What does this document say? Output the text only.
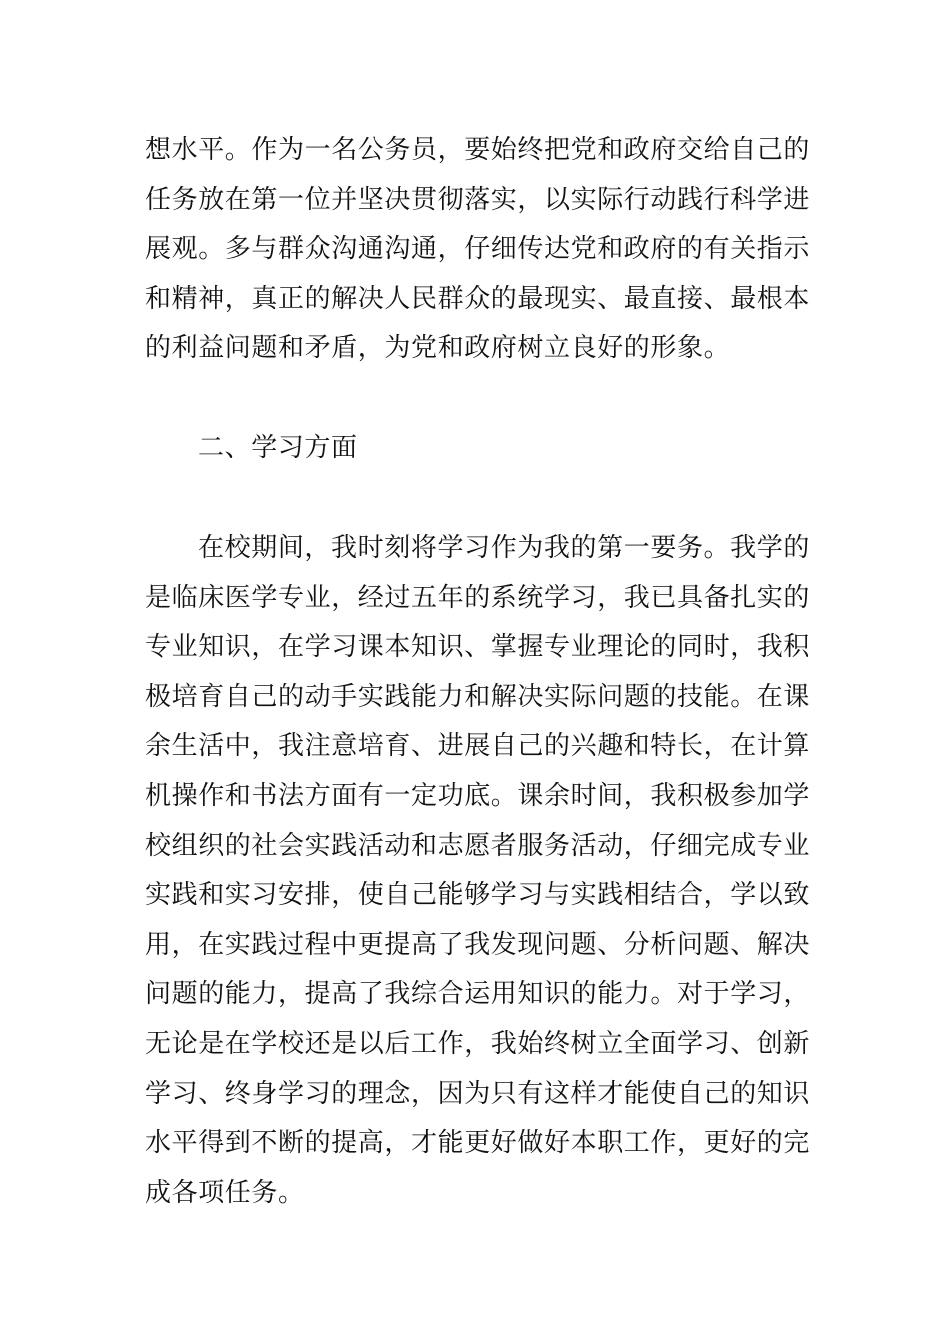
想水平。作为一名公务员，要始终把党和政府交给自己的
任务放在第一位并坚决贯彻落实，以实际行动践行科学进
展观。多与群众沟通沟通，仔细传达党和政府的有关指示
和精神，真正的解决人民群众的最现实、最直接、最根本
的利益问题和矛盾，为党和政府树立良好的形象。
二、学习方面
在校期间，我时刻将学习作为我的第一要务。我学的
是临床医学专业，经过五年的系统学习，我已具备扎实的
专业知识，在学习课本知识、掌握专业理论的同时，我积
极培育自己的动手实践能力和解决实际问题的技能。在课
余生活中，我注意培育、进展自己的兴趣和特长，在计算
机操作和书法方面有一定功底。课余时间，我积极参加学
校组织的社会实践活动和志愿者服务活动，仔细完成专业
实践和实习安排，使自己能够学习与实践相结合，学以致
用，在实践过程中更提高了我发现问题、分析问题、解决
问题的能力，提高了我综合运用知识的能力。对于学习，
无论是在学校还是以后工作，我始终树立全面学习、创新
学习、终身学习的理念，因为只有这样才能使自己的知识
水平得到不断的提高，才能更好做好本职工作，更好的完
成各项任务。
